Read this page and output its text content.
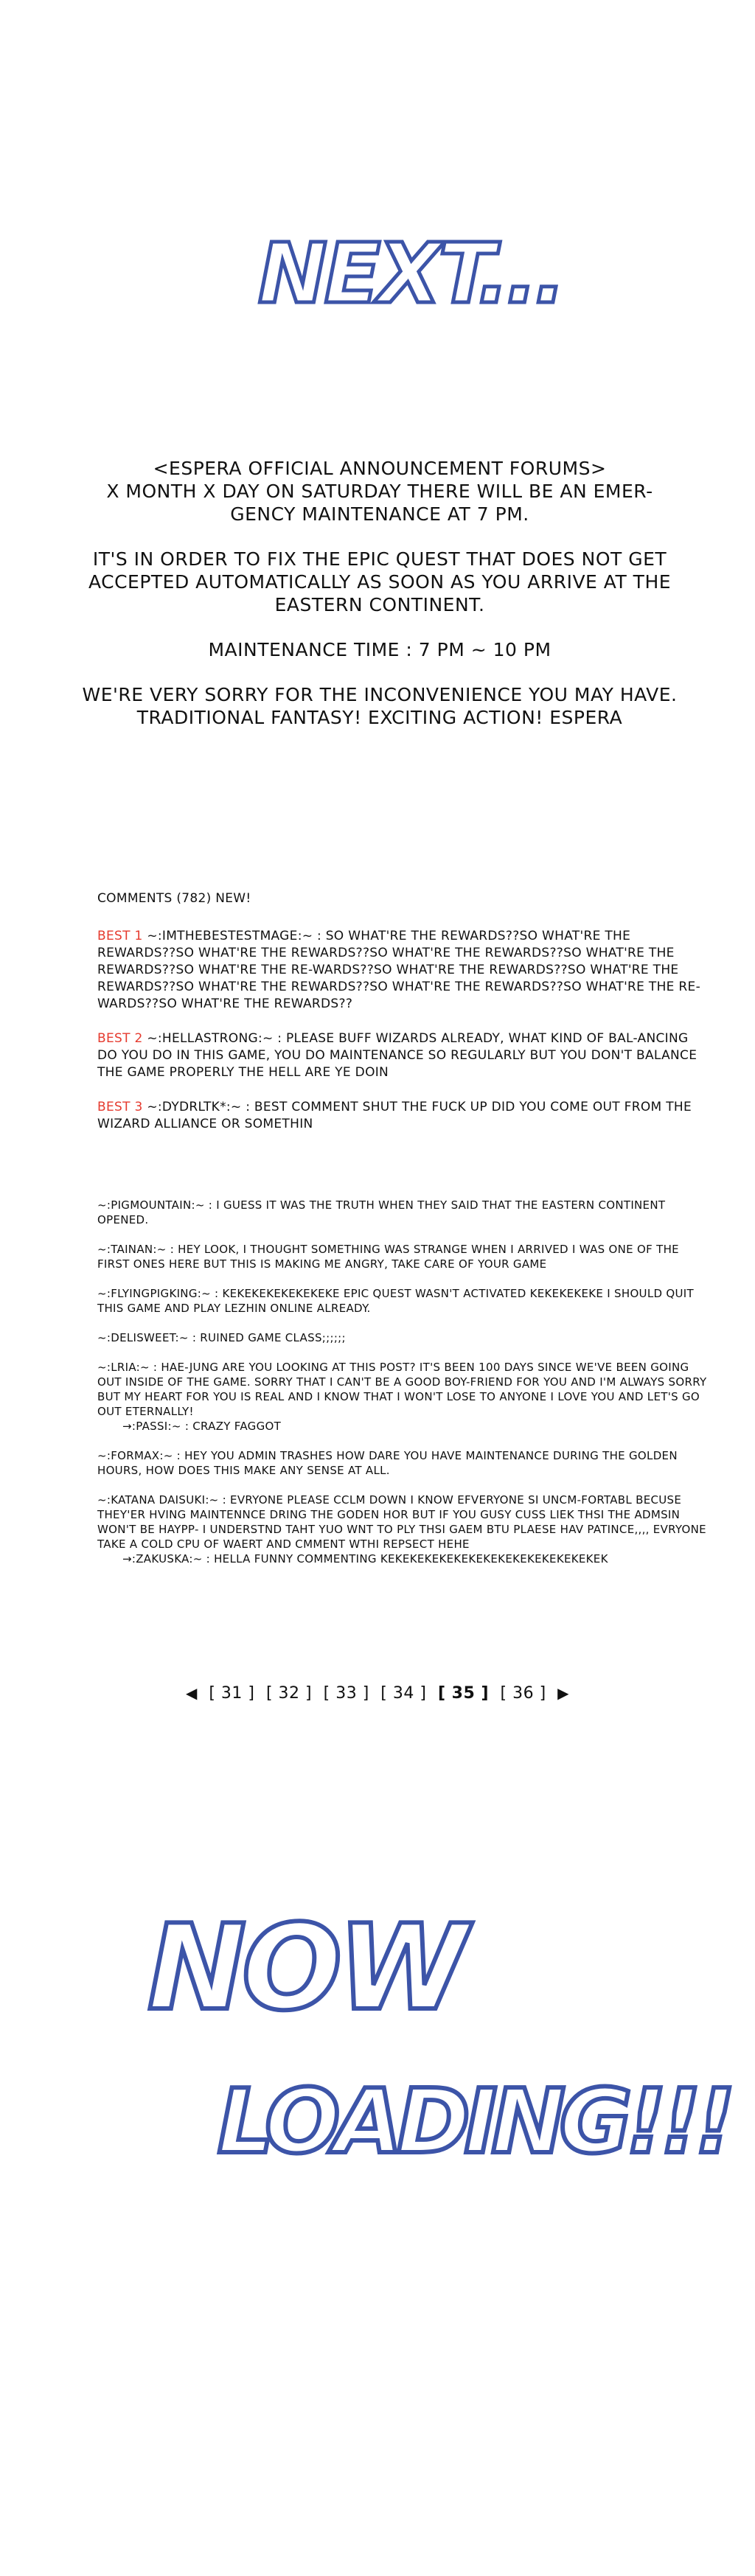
NEXT...

<ESPERA OFFICIAL ANNOUNCEMENT FORUMS>
X MONTH X DAY ON SATURDAY THERE WILL BE AN EMER-GENCY MAINTENANCE AT 7 PM.

IT'S IN ORDER TO FIX THE EPIC QUEST THAT DOES NOT GET ACCEPTED AUTOMATICALLY AS SOON AS YOU ARRIVE AT THE EASTERN CONTINENT.

MAINTENANCE TIME : 7 PM ~ 10 PM

WE'RE VERY SORRY FOR THE INCONVENIENCE YOU MAY HAVE.
TRADITIONAL FANTASY! EXCITING ACTION! ESPERA

COMMENTS (782) NEW!

BEST 1 ~:IMTHEBESTESTMAGE:~ : SO WHAT'RE THE REWARDS??SO WHAT'RE THE REWARDS??SO WHAT'RE THE REWARDS??SO WHAT'RE THE REWARDS??SO WHAT'RE THE REWARDS??SO WHAT'RE THE RE-WARDS??SO WHAT'RE THE REWARDS??SO WHAT'RE THE REWARDS??SO WHAT'RE THE REWARDS??SO WHAT'RE THE REWARDS??SO WHAT'RE THE RE-WARDS??SO WHAT'RE THE REWARDS??

BEST 2 ~:HELLASTRONG:~ : PLEASE BUFF WIZARDS ALREADY, WHAT KIND OF BAL-ANCING DO YOU DO IN THIS GAME, YOU DO MAINTENANCE SO REGULARLY BUT YOU DON'T BALANCE THE GAME PROPERLY THE HELL ARE YE DOIN

BEST 3 ~:DYDRLTK*:~ : BEST COMMENT SHUT THE FUCK UP DID YOU COME OUT FROM THE WIZARD ALLIANCE OR SOMETHIN

~:PIGMOUNTAIN:~ : I GUESS IT WAS THE TRUTH WHEN THEY SAID THAT THE EASTERN CONTINENT OPENED.

~:TAINAN:~ : HEY LOOK, I THOUGHT SOMETHING WAS STRANGE WHEN I ARRIVED I WAS ONE OF THE FIRST ONES HERE BUT THIS IS MAKING ME ANGRY, TAKE CARE OF YOUR GAME

~:FLYINGPIGKING:~ : KEKEKEKEKEKEKEKE EPIC QUEST WASN'T ACTIVATED KEKEKEKEKE I SHOULD QUIT THIS GAME AND PLAY LEZHIN ONLINE ALREADY.

~:DELISWEET:~ : RUINED GAME CLASS;;;;;;

~:LRIA:~ : HAE-JUNG ARE YOU LOOKING AT THIS POST? IT'S BEEN 100 DAYS SINCE WE'VE BEEN GOING OUT INSIDE OF THE GAME. SORRY THAT I CAN'T BE A GOOD BOY-FRIEND FOR YOU AND I'M ALWAYS SORRY BUT MY HEART FOR YOU IS REAL AND I KNOW THAT I WON'T LOSE TO ANYONE I LOVE YOU AND LET'S GO OUT ETERNALLY!

→:PASSI:~ : CRAZY FAGGOT

~:FORMAX:~ : HEY YOU ADMIN TRASHES HOW DARE YOU HAVE MAINTENANCE DURING THE GOLDEN HOURS, HOW DOES THIS MAKE ANY SENSE AT ALL.

~:KATANA DAISUKI:~ : EVRYONE PLEASE CCLM DOWN I KNOW EFVERYONE SI UNCM-FORTABL BECUSE THEY'ER HVING MAINTENNCE DRING THE GODEN HOR BUT IF YOU GUSY CUSS LIEK THSI THE ADMSIN WON'T BE HAYPP- I UNDERSTND TAHT YUO WNT TO PLY THSI GAEM BTU PLAESE HAV PATINCE,,,, EVRYONE TAKE A COLD CPU OF WAERT AND CMMENT WTHI REPSECT HEHE

→:ZAKUSKA:~ : HELLA FUNNY COMMENTING KEKEKEKEKEKEKEKEKEKEKEKEKEKEKEK

◀ [ 31 ] [ 32 ] [ 33 ] [ 34 ] [ 35 ] [ 36 ] ▶
NOW
LOADING!!!
